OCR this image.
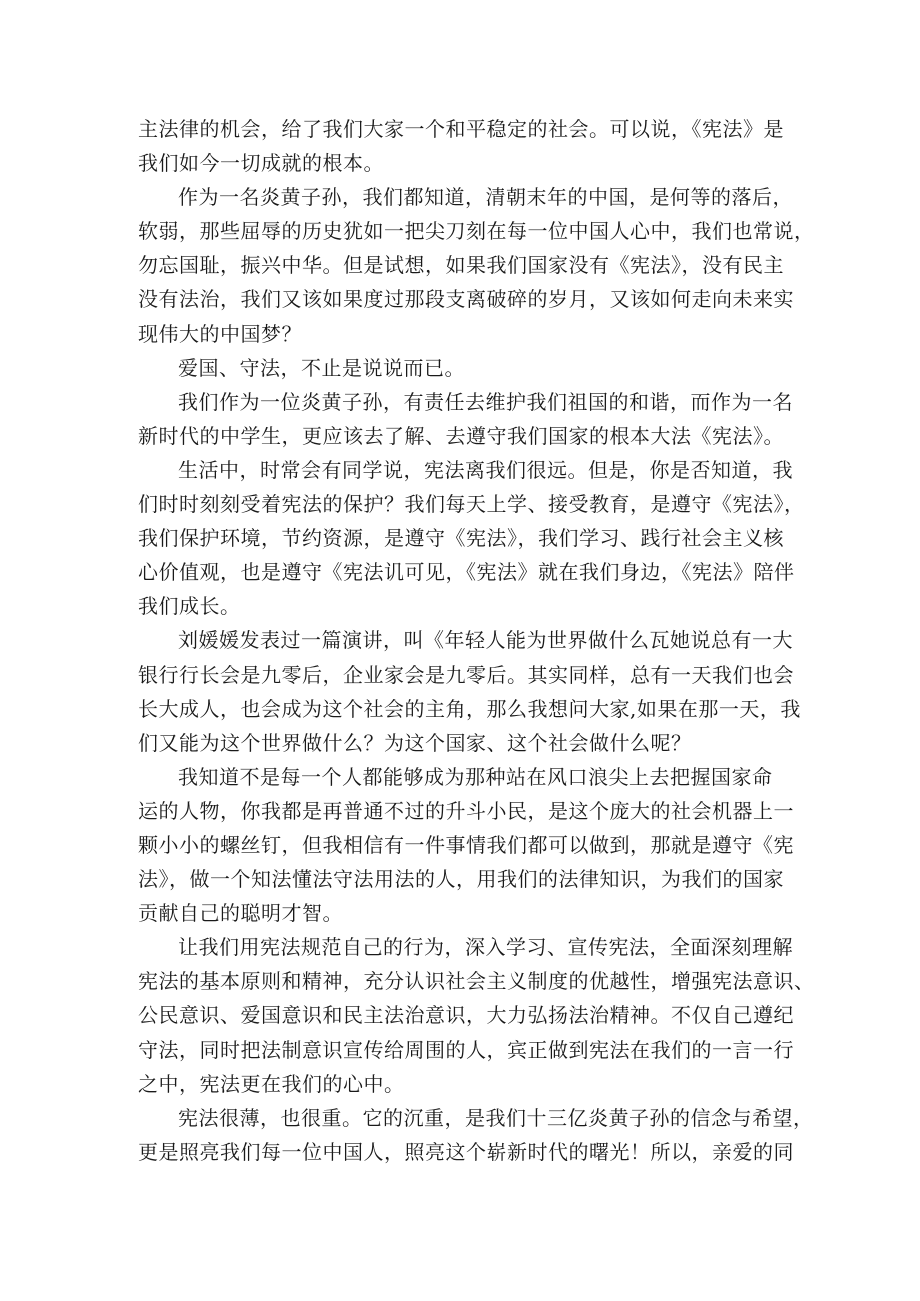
主法律的机会，给了我们大家一个和平稳定的社会。可以说，《宪法》是
我们如今一切成就的根本。

作为一名炎黄子孙，我们都知道，清朝末年的中国，是何等的落后，
软弱，那些屈辱的历史犹如一把尖刀刻在每一位中国人心中，我们也常说，
勿忘国耻，振兴中华。但是试想，如果我们国家没有《宪法》，没有民主
没有法治，我们又该如果度过那段支离破碎的岁月，又该如何走向未来实
现伟大的中国梦？

爱国、守法，不止是说说而已。

我们作为一位炎黄子孙，有责任去维护我们祖国的和谐，而作为一名
新时代的中学生，更应该去了解、去遵守我们国家的根本大法《宪法》。

生活中，时常会有同学说，宪法离我们很远。但是，你是否知道，我
们时时刻刻受着宪法的保护？我们每天上学、接受教育，是遵守《宪法》，
我们保护环境，节约资源，是遵守《宪法》，我们学习、践行社会主义核
心价值观，也是遵守《宪法讥可见，《宪法》就在我们身边，《宪法》陪伴
我们成长。

刘媛媛发表过一篇演讲，叫《年轻人能为世界做什么瓦她说总有一大
银行行长会是九零后，企业家会是九零后。其实同样，总有一天我们也会
长大成人，也会成为这个社会的主角，那么我想问大家,如果在那一天，我
们又能为这个世界做什么？为这个国家、这个社会做什么呢？

我知道不是每一个人都能够成为那种站在风口浪尖上去把握国家命
运的人物，你我都是再普通不过的升斗小民，是这个庞大的社会机器上一
颗小小的螺丝钉，但我相信有一件事情我们都可以做到，那就是遵守《宪
法》，做一个知法懂法守法用法的人，用我们的法律知识，为我们的国家
贡献自己的聪明才智。

让我们用宪法规范自己的行为，深入学习、宣传宪法，全面深刻理解
宪法的基本原则和精神，充分认识社会主义制度的优越性，增强宪法意识、
公民意识、爱国意识和民主法治意识，大力弘扬法治精神。不仅自己遵纪
守法，同时把法制意识宣传给周围的人，宾正做到宪法在我们的一言一行
之中，宪法更在我们的心中。

宪法很薄，也很重。它的沉重，是我们十三亿炎黄子孙的信念与希望，
更是照亮我们每一位中国人，照亮这个崭新时代的曙光！所以，亲爱的同
